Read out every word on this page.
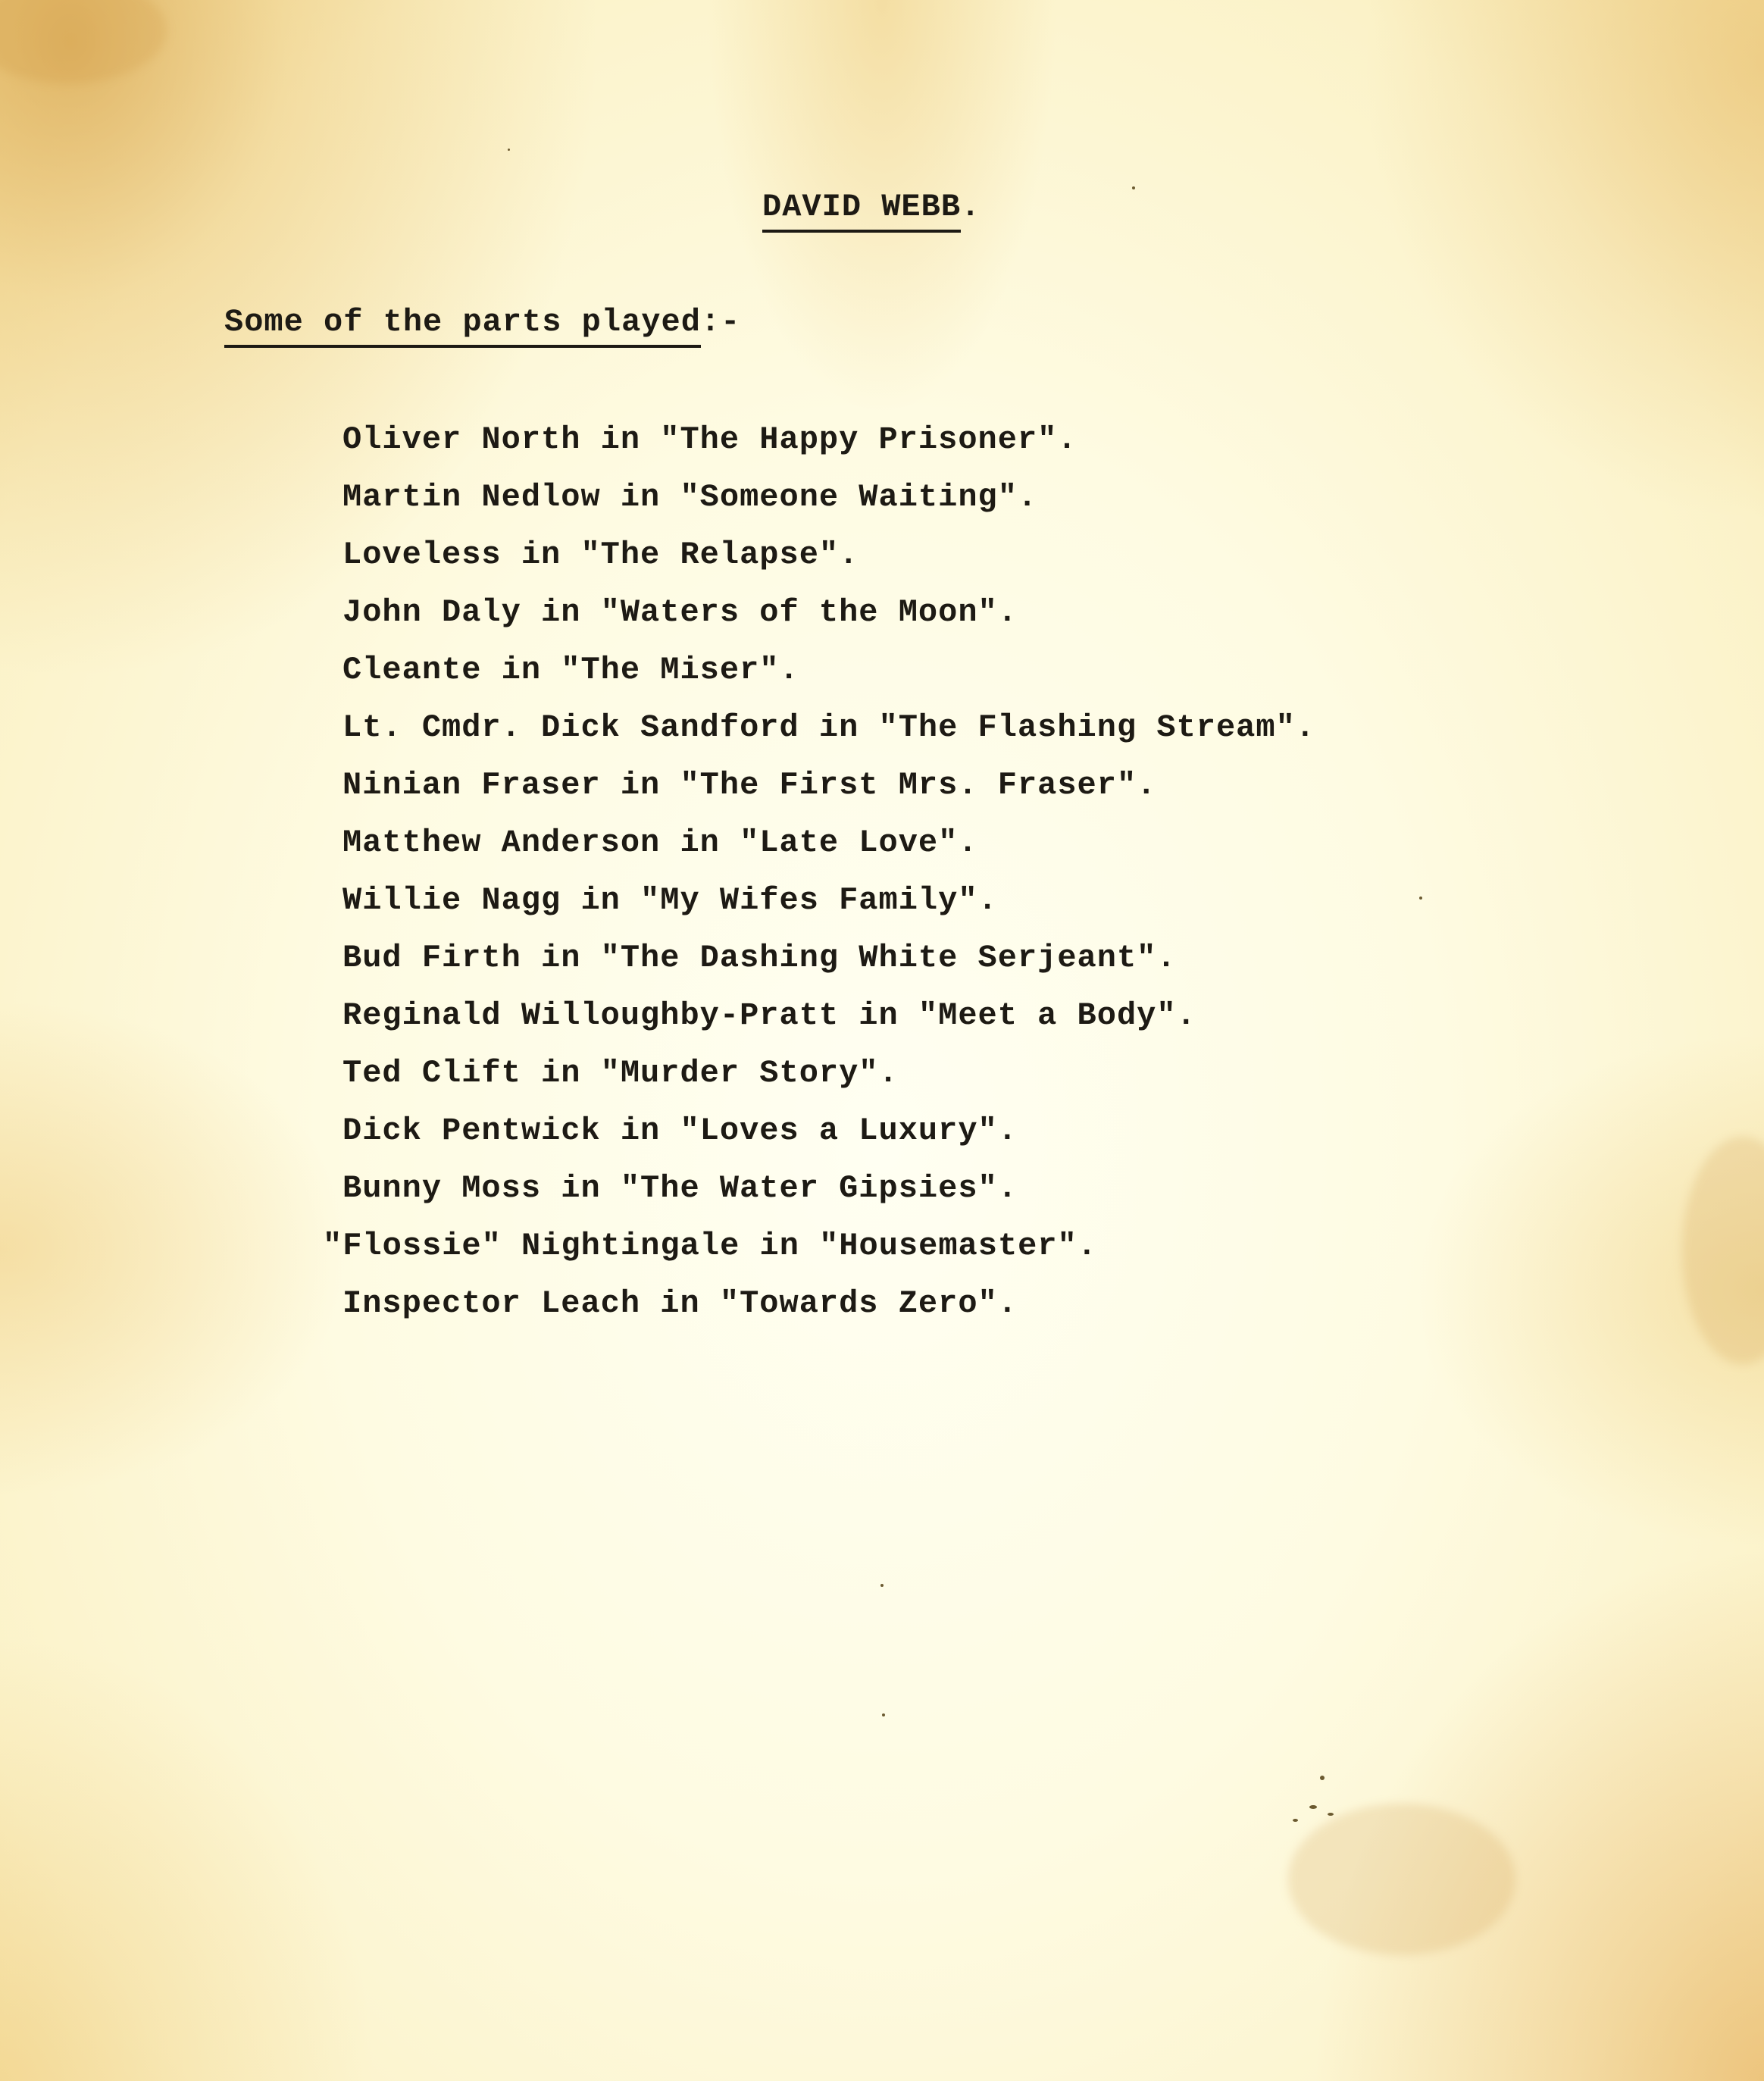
DAVID WEBB.
Some of the parts played:-
Oliver North in "The Happy Prisoner".
Martin Nedlow in "Someone Waiting".
Loveless in "The Relapse".
John Daly in "Waters of the Moon".
Cleante in "The Miser".
Lt. Cmdr. Dick Sandford in "The Flashing Stream".
Ninian Fraser in "The First Mrs. Fraser".
Matthew Anderson in "Late Love".
Willie Nagg in "My Wifes Family".
Bud Firth in "The Dashing White Serjeant".
Reginald Willoughby-Pratt in "Meet a Body".
Ted Clift in "Murder Story".
Dick Pentwick in "Loves a Luxury".
Bunny Moss in "The Water Gipsies".
"Flossie" Nightingale in "Housemaster".
Inspector Leach in "Towards Zero".
